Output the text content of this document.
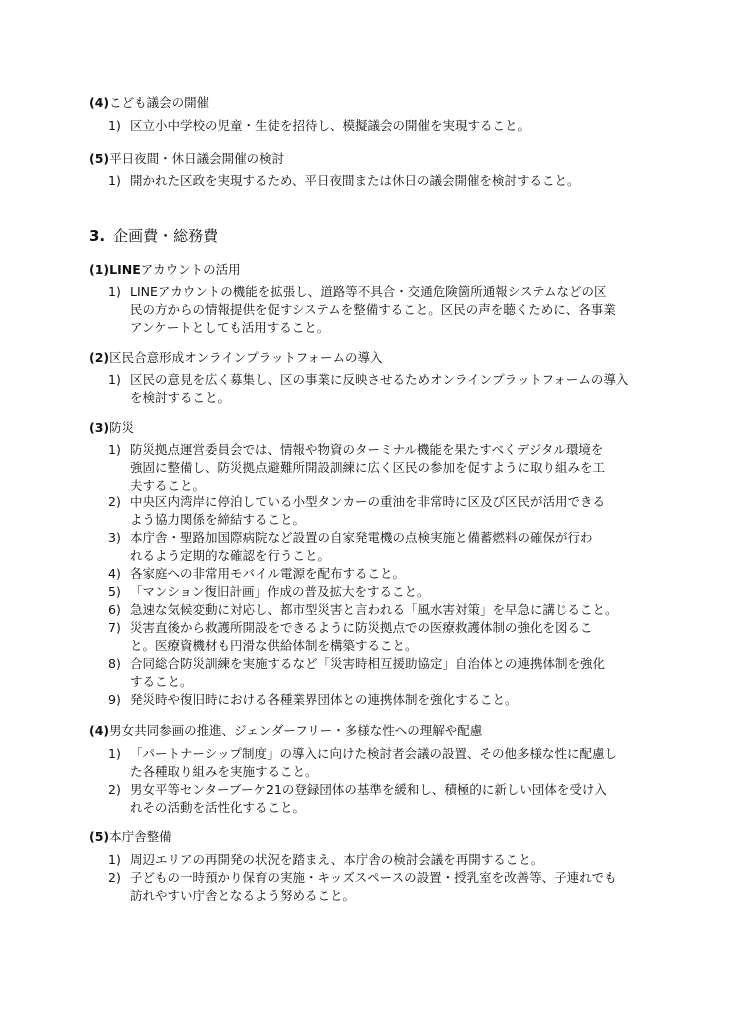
(4)こども議会の開催
1) 区立小中学校の児童・生徒を招待し、模擬議会の開催を実現すること。
(5)平日夜間・休日議会開催の検討
1) 開かれた区政を実現するため、平日夜間または休日の議会開催を検討すること。
3. 企画費・総務費
(1)LINEアカウントの活用
1) LINEアカウントの機能を拡張し、道路等不具合・交通危険箇所通報システムなどの区
民の方からの情報提供を促すシステムを整備すること。区民の声を聴くために、各事業
アンケートとしても活用すること。
(2)区民合意形成オンラインプラットフォームの導入
1) 区民の意見を広く募集し、区の事業に反映させるためオンラインプラットフォームの導入
を検討すること。
(3)防災
1) 防災拠点運営委員会では、情報や物資のターミナル機能を果たすべくデジタル環境を
強固に整備し、防災拠点避難所開設訓練に広く区民の参加を促すように取り組みを工
夫すること。
2) 中央区内湾岸に停泊している小型タンカーの重油を非常時に区及び区民が活用できる
よう協力関係を締結すること。
3) 本庁舎・聖路加国際病院など設置の自家発電機の点検実施と備蓄燃料の確保が行わ
れるよう定期的な確認を行うこと。
4) 各家庭への非常用モバイル電源を配布すること。
5) 「マンション復旧計画」作成の普及拡大をすること。
6) 急速な気候変動に対応し、都市型災害と言われる「風水害対策」を早急に講じること。
7) 災害直後から救護所開設をできるように防災拠点での医療救護体制の強化を図るこ
と。医療資機材も円滑な供給体制を構築すること。
8) 合同総合防災訓練を実施するなど「災害時相互援助協定」自治体との連携体制を強化
すること。
9) 発災時や復旧時における各種業界団体との連携体制を強化すること。
(4)男女共同参画の推進、ジェンダーフリー・多様な性への理解や配慮
1) 「パートナーシップ制度」の導入に向けた検討者会議の設置、その他多様な性に配慮し
た各種取り組みを実施すること。
2) 男女平等センターブーケ21の登録団体の基準を緩和し、積極的に新しい団体を受け入
れその活動を活性化すること。
(5)本庁舎整備
1) 周辺エリアの再開発の状況を踏まえ、本庁舎の検討会議を再開すること。
2) 子どもの一時預かり保育の実施・キッズスペースの設置・授乳室を改善等、子連れでも
訪れやすい庁舎となるよう努めること。
